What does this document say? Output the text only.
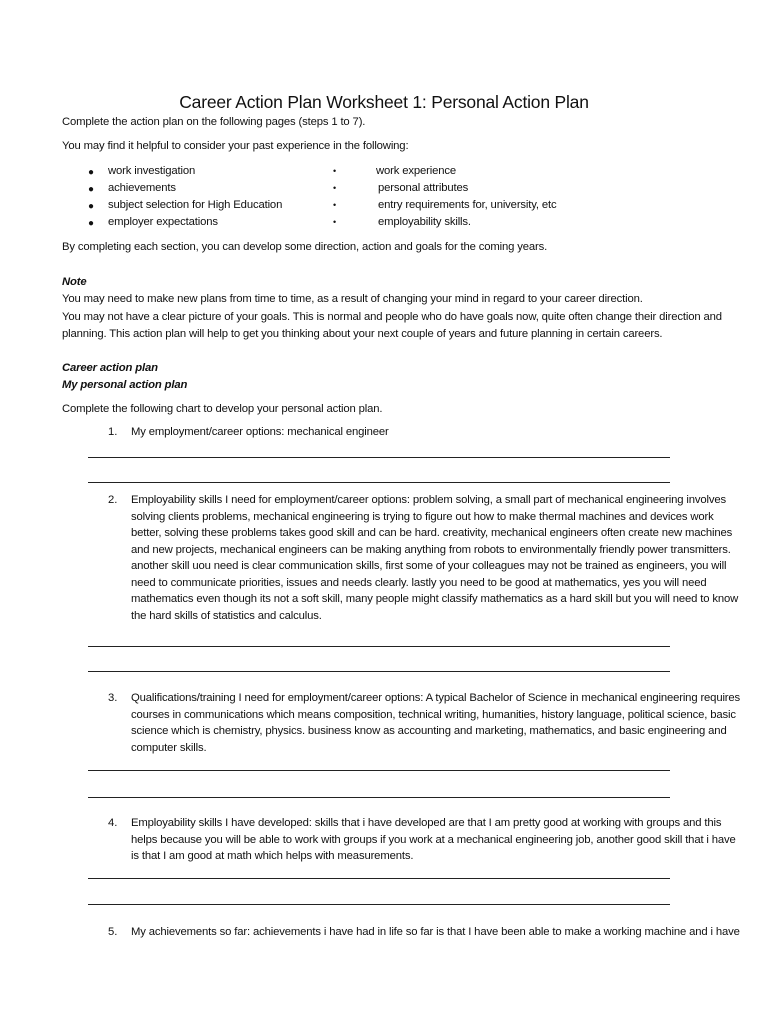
Career Action Plan Worksheet 1: Personal Action Plan
Complete the action plan on the following pages (steps 1 to 7).
You may find it helpful to consider your past experience in the following:
● work investigation
● achievements
● subject selection for High Education
● employer expectations
•	work experience
•	personal attributes
•	entry requirements for, university, etc
•	employability skills.
By completing each section, you can develop some direction, action and goals for the coming years.
Note
You may need to make new plans from time to time, as a result of changing your mind in regard to your career direction.
You may not have a clear picture of your goals. This is normal and people who do have goals now, quite often change their direction and
planning. This action plan will help to get you thinking about your next couple of years and future planning in certain careers.
Career action plan
My personal action plan
Complete the following chart to develop your personal action plan.
1. My employment/career options: mechanical engineer
2. Employability skills I need for employment/career options: problem solving, a small part of mechanical engineering involves
solving clients problems, mechanical engineering is trying to figure out how to make thermal machines and devices work
better, solving these problems takes good skill and can be hard. creativity, mechanical engineers often create new machines
and new projects, mechanical engineers can be making anything from robots to environmentally friendly power transmitters.
another skill uou need is clear communication skills, first some of your colleagues may not be trained as engineers, you will
need to communicate priorities, issues and needs clearly. lastly you need to be good at mathematics, yes you will need
mathematics even though its not a soft skill, many people might classify mathematics as a hard skill but you will need to know
the hard skills of statistics and calculus.
3. Qualifications/training I need for employment/career options: A typical Bachelor of Science in mechanical engineering requires
courses in communications which means composition, technical writing, humanities, history language, political science, basic
science which is chemistry, physics. business know as accounting and marketing, mathematics, and basic engineering and
computer skills.
4. Employability skills I have developed: skills that i have developed are that I am pretty good at working with groups and this
helps because you will be able to work with groups if you work at a mechanical engineering job, another good skill that i have
is that I am good at math which helps with measurements.
5. My achievements so far: achievements i have had in life so far is that I have been able to make a working machine and i have
